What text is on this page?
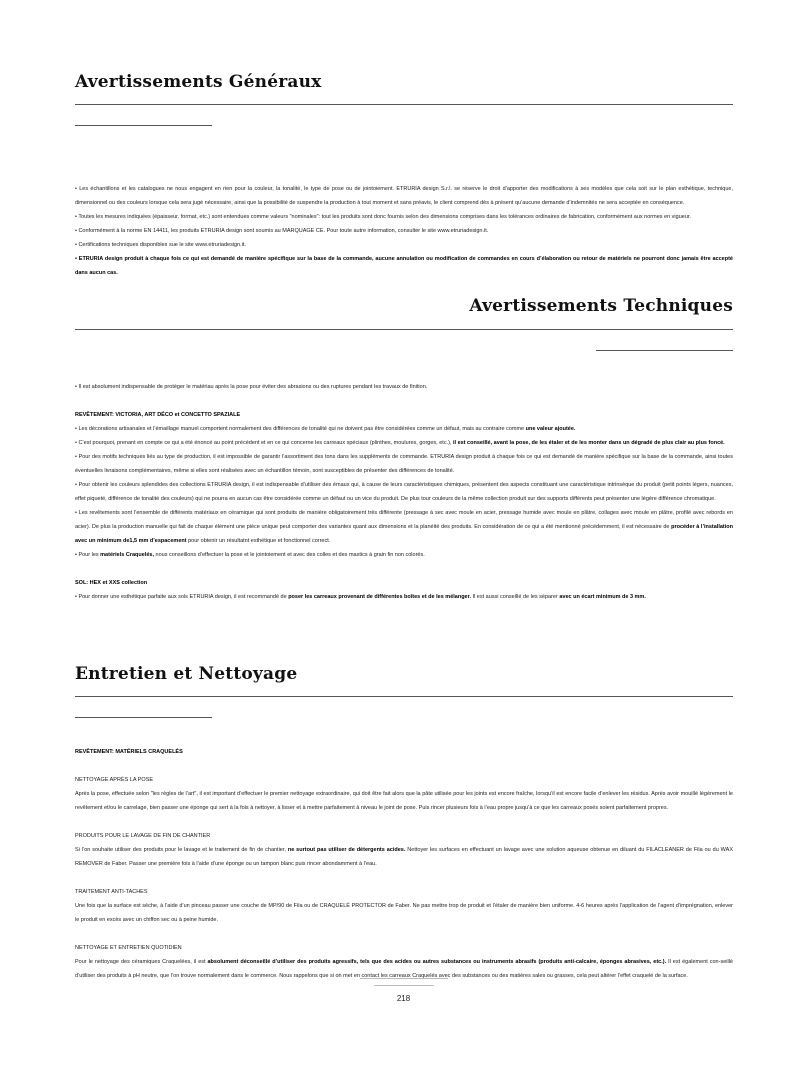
Avertissements Généraux

• Les échantillons et les catalogues ne nous engagent en rien pour la couleur, la tonalité, le type de pose ou de jointoiement. ETRURIA design S.r.l. se réserve le droit d’apporter des modifications à ses modèles que cela soit sur le plan esthétique, technique, dimensionnel ou des couleurs lorsque cela sera jugé nécessaire, ainsi que la possibilité de suspendre la production à tout moment et sans préavis, le client comprend dès à présent qu’aucune demande d’indemnités ne sera acceptée en conséquence.

• Toutes les mesures indiquées (épaisseur, format, etc.) sont entendues comme valeurs "nominales": tout les produits sont donc fournis selon des dimensions comprises dans les tolérances ordinaires de fabrication, conformément aux normes en vigueur.

• Conformément à la norme EN 14411, les produits ETRURIA design sont soumis au MARQUAGE CE. Pour toute autre information, consulter le site www.etruriadesign.it.

• Certifications techniques disponibles sue le site www.etruriadesign.it.

• ETRURIA design produit à chaque fois ce qui est demandé de manière spécifique sur la base de la commande, aucune annulation ou modification de commandes en cours d’élaboration ou retour de matériels ne pourront donc jamais être accepté dans aucun cas.

Avertissements Techniques

• Il est absolument indispensable de protéger le matériau après la pose pour éviter des abrasions ou des ruptures pendant les travaux de finition.

REVÊTEMENT: VICTORIA, ART DÉCO et CONCETTO SPAZIALE

• Les décorations artisanales et l’émaillage manuel comportent normalement des différences de tonalité qui ne doivent pas être considérées comme un défaut, mais au contraire comme une valeur ajoutée.

• C’est pourquoi, prenant en compte ce qui a été énoncé au point précédent et en ce qui concerne les carreaux spéciaux (plinthes, moulures, gorges, etc.), il est conseillé, avant la pose, de les étaler et de les monter dans un dégradé de plus clair au plus foncé.

• Pour des motifs techniques liés au type de production, il est impossible de garantir l’assortiment des tons dans les suppléments de commande. ETRURIA design produit à chaque fois ce qui est demandé de manière spécifique sur la base de la commande, ainsi toutes éventuelles livraisons complémentaires, même si elles sont réalisées avec un échantillon témoin, sont susceptibles de présenter des différences de tonalité.

• Pour obtenir les couleurs splendides des collections ETRURIA design, il est indispensable d’utiliser des émaux qui, à cause de leurs caractéristiques chimiques, présentent des aspects constituant une caractéristique intrinsèque du produit (petit points légers, nuances, effet piqueté, différence de tonalité des couleurs) qui ne pourra en aucun cas être considérée comme un défaut ou un vice du produit. De plus tour couleurs de la même collection produit sur des supports différents peut présenter une légère différence chromatique.

• Les revêtements sont l’ensemble de différents matériaux en céramique qui sont produits de manière obligatoirement très différente (pressage à sec avec moule en acier, pressage humide avec moule en plâtre, collages avec moule en plâtre, profilé avec rebords en acier). De plus la production manuelle qui fait de chaque élément une pièce unique peut comporter des variantes quant aux dimensions et la planéité des produits. En considération de ce qui a été mentionné précédemment, il est nécessaire de procéder à l’installation avec un minimum de1,5 mm d’espacement pour obtenir un résultatnt esthétique et fonctionnel correct.

• Pour les matériels Craquelés, nous conseillons d’effectuer la pose et le jointoiement et avec des colles et des mastics à grain fin non colorés.

SOL: HEX et XXS collection

• Pour donner une esthétique parfaite aux sols ETRURIA design, il est recommandé de poser les carreaux provenant de différentes boîtes et de les mélanger. Il est aussi conseillé de les séparer avec un écart minimum de 3 mm.

Entretien et Nettoyage

REVÊTEMENT: MATÉRIELS CRAQUELÉS

NETTOYAGE APRÈS LA POSE

Après la pose, effectuée selon "les règles de l’art", il est important d’effectuer le premier nettoyage extraordinaire, qui doit être fait alors que la pâte utilisée pour les joints est encore fraîche, lorsqu’il est encore facile d’enlever les résidus. Après avoir mouillé légèrement le revêtement et/ou le carrelage, bien passer une éponge qui sert à la fois à nettoyer, à lisser et à mettre parfaitement à niveau le joint de pose. Puis rincer plusieurs fois à l’eau propre jusqu’à ce que les carreaux posés soient parfaitement propres.

PRODUITS POUR LE LAVAGE DE FIN DE CHANTIER

Si l’on souhaite utiliser des produits pour le lavage et le traitement de fin de chantier, ne surtout pas utiliser de détergents acides. Nettoyer les surfaces en effectuant un lavage avec une solution aqueuse obtenue en diluant du FILACLEANER de Fila ou du WAX REMOVER de Faber. Passer une première fois à l’aide d’une éponge ou un tampon blanc puis rincer abondamment à l’eau.

TRAITEMENT ANTI-TACHES

Une fois que la surface est sèche, à l’aide d’un pinceau passer une couche de MP/90 de Fila ou de CRAQUELÉ PROTECTOR de Faber. Ne pas mettre trop de produit et l’étaler de manière bien uniforme. 4-6 heures après l’application de l’agent d’imprégnation, enlever le produit en excès avec un chiffon sec ou à peine humide.

NETTOYAGE ET ENTRETIEN QUOTIDIEN

Pour le nettoyage des céramiques Craquelées, il est absolument déconseillé d’utiliser des produits agressifs, tels que des acides ou autres substances ou instruments abrasifs (produits anti-calcaire, éponges abrasives, etc.). Il est également con-seillé d’utiliser des produits à pH neutre, que l’on trouve normalement dans le commerce. Nous rappelons que si on met en contact les carreaux Craquelés avec des substances ou des matières sales ou grasses, cela peut altérer l’effet craquelé de la surface.

218
